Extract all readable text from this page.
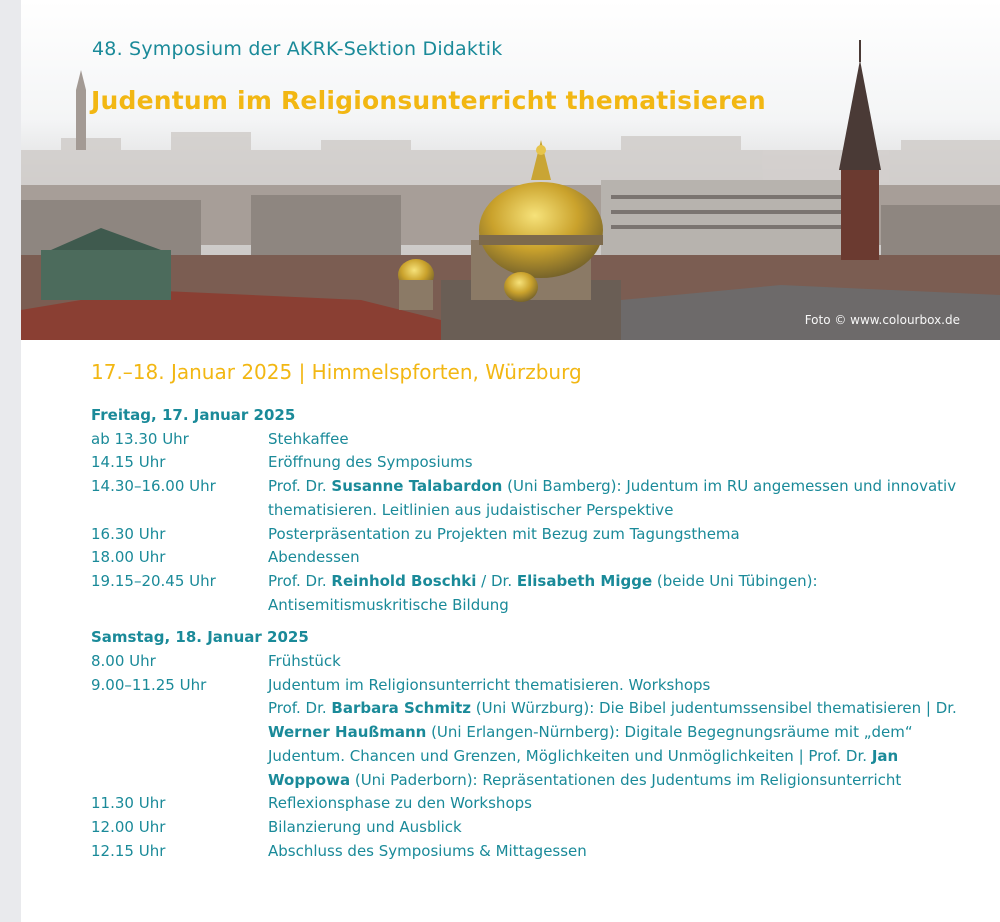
48. Symposium der AKRK-Sektion Didaktik
Judentum im Religionsunterricht thematisieren
Foto © www.colourbox.de
17.–18. Januar 2025 | Himmelspforten, Würzburg
Freitag, 17. Januar 2025
ab 13.30 Uhr	Stehkaffee
14.15 Uhr	Eröffnung des Symposiums
14.30–16.00 Uhr	Prof. Dr. Susanne Talabardon (Uni Bamberg): Judentum im RU angemessen und innovativ thematisieren. Leitlinien aus judaistischer Perspektive
16.30 Uhr	Posterpräsentation zu Projekten mit Bezug zum Tagungsthema
18.00 Uhr	Abendessen
19.15–20.45 Uhr	Prof. Dr. Reinhold Boschki / Dr. Elisabeth Migge (beide Uni Tübingen): Antisemitismuskritische Bildung
Samstag, 18. Januar 2025
8.00 Uhr	Frühstück
9.00–11.25 Uhr	Judentum im Religionsunterricht thematisieren. Workshops
Prof. Dr. Barbara Schmitz (Uni Würzburg): Die Bibel judentumssensibel thematisieren | Dr. Werner Haußmann (Uni Erlangen-Nürnberg): Digitale Begegnungsräume mit „dem“ Judentum. Chancen und Grenzen, Möglichkeiten und Unmöglichkeiten | Prof. Dr. Jan Woppowa (Uni Paderborn): Repräsentationen des Judentums im Religionsunterricht
11.30 Uhr	Reflexionsphase zu den Workshops
12.00 Uhr	Bilanzierung und Ausblick
12.15 Uhr	Abschluss des Symposiums & Mittagessen
